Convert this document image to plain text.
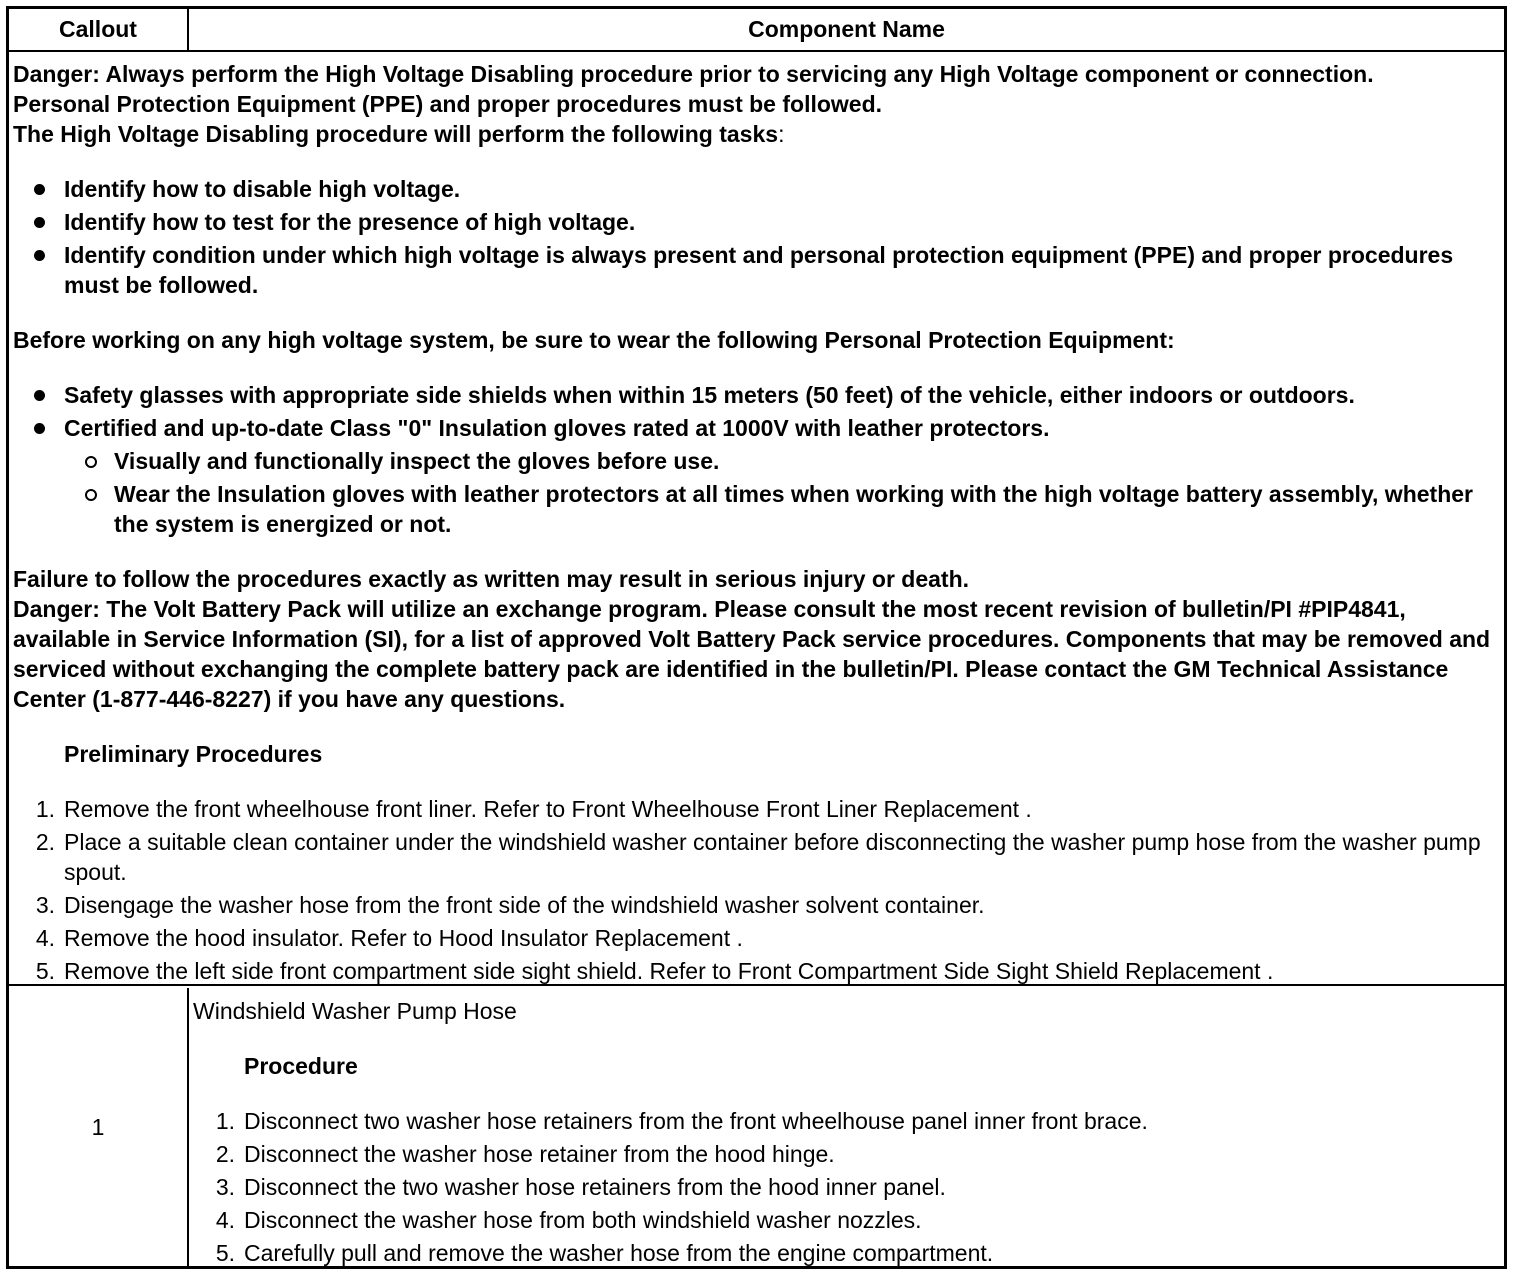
Callout	Component Name
Danger: Always perform the High Voltage Disabling procedure prior to servicing any High Voltage component or connection.
Personal Protection Equipment (PPE) and proper procedures must be followed.
The High Voltage Disabling procedure will perform the following tasks:
Identify how to disable high voltage.
Identify how to test for the presence of high voltage.
Identify condition under which high voltage is always present and personal protection equipment (PPE) and proper procedures must be followed.
Before working on any high voltage system, be sure to wear the following Personal Protection Equipment:
Safety glasses with appropriate side shields when within 15 meters (50 feet) of the vehicle, either indoors or outdoors.
Certified and up-to-date Class "0" Insulation gloves rated at 1000V with leather protectors.
Visually and functionally inspect the gloves before use.
Wear the Insulation gloves with leather protectors at all times when working with the high voltage battery assembly, whether the system is energized or not.
Failure to follow the procedures exactly as written may result in serious injury or death.
Danger: The Volt Battery Pack will utilize an exchange program. Please consult the most recent revision of bulletin/PI #PIP4841, available in Service Information (SI), for a list of approved Volt Battery Pack service procedures. Components that may be removed and serviced without exchanging the complete battery pack are identified in the bulletin/PI. Please contact the GM Technical Assistance Center (1-877-446-8227) if you have any questions.
Preliminary Procedures
1. Remove the front wheelhouse front liner. Refer to Front Wheelhouse Front Liner Replacement .
2. Place a suitable clean container under the windshield washer container before disconnecting the washer pump hose from the washer pump spout.
3. Disengage the washer hose from the front side of the windshield washer solvent container.
4. Remove the hood insulator. Refer to Hood Insulator Replacement .
5. Remove the left side front compartment side sight shield. Refer to Front Compartment Side Sight Shield Replacement .
1
Windshield Washer Pump Hose
Procedure
1. Disconnect two washer hose retainers from the front wheelhouse panel inner front brace.
2. Disconnect the washer hose retainer from the hood hinge.
3. Disconnect the two washer hose retainers from the hood inner panel.
4. Disconnect the washer hose from both windshield washer nozzles.
5. Carefully pull and remove the washer hose from the engine compartment.
